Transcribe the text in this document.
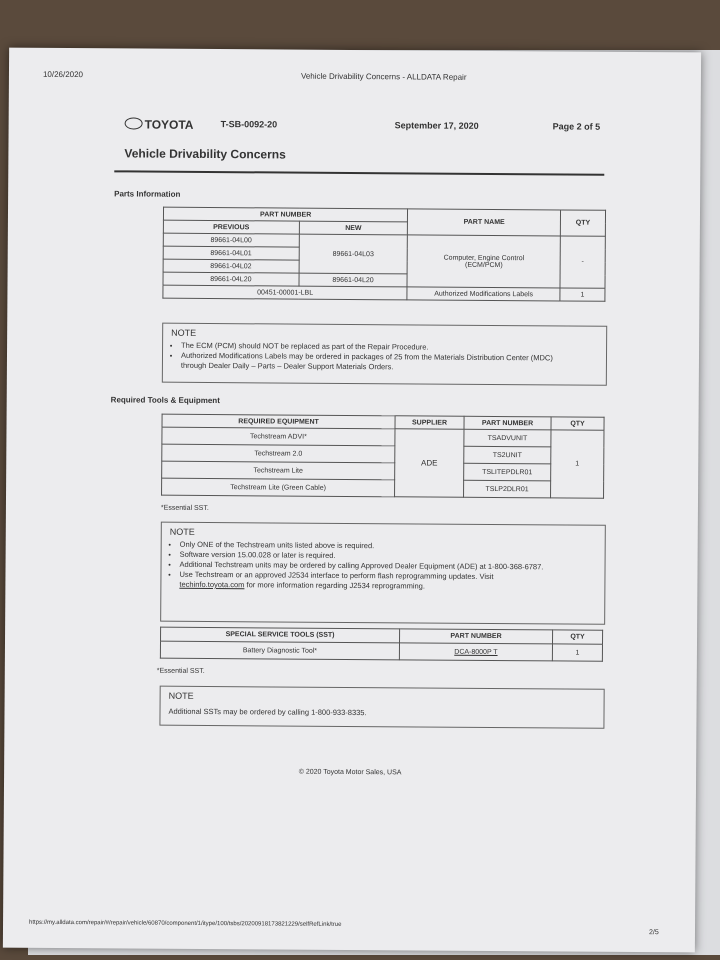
10/26/2020	Vehicle Drivability Concerns - ALLDATA Repair
TOYOTA	T-SB-0092-20	September 17, 2020	Page 2 of 5
Vehicle Drivability Concerns
Parts Information
PART NUMBER		PART NAME	QTY
PREVIOUS	NEW		
89661-04L00	89661-04L03	Computer, Engine Control (ECM/PCM)	-
89661-04L01			
89661-04L02			
89661-04L20	89661-04L20		
00451-00001-LBL		Authorized Modifications Labels	1
NOTE
• The ECM (PCM) should NOT be replaced as part of the Repair Procedure.
• Authorized Modifications Labels may be ordered in packages of 25 from the Materials Distribution Center (MDC) through Dealer Daily – Parts – Dealer Support Materials Orders.
Required Tools & Equipment
REQUIRED EQUIPMENT	SUPPLIER	PART NUMBER	QTY
Techstream ADVI*	ADE	TSADVUNIT	1
Techstream 2.0		TS2UNIT	
Techstream Lite		TSLITEPDLR01	
Techstream Lite (Green Cable)		TSLP2DLR01	
*Essential SST.
NOTE
• Only ONE of the Techstream units listed above is required.
• Software version 15.00.028 or later is required.
• Additional Techstream units may be ordered by calling Approved Dealer Equipment (ADE) at 1-800-368-6787.
• Use Techstream or an approved J2534 interface to perform flash reprogramming updates. Visit techinfo.toyota.com for more information regarding J2534 reprogramming.
SPECIAL SERVICE TOOLS (SST)	PART NUMBER	QTY
Battery Diagnostic Tool*	DCA-8000P T	1
*Essential SST.
NOTE
Additional SSTs may be ordered by calling 1-800-933-8335.
© 2020 Toyota Motor Sales, USA
https://my.alldata.com/repair/#/repair/vehicle/60870/component/1/itype/100/tsbs/2020091817382122​9/selfRefLink/true
2/5
